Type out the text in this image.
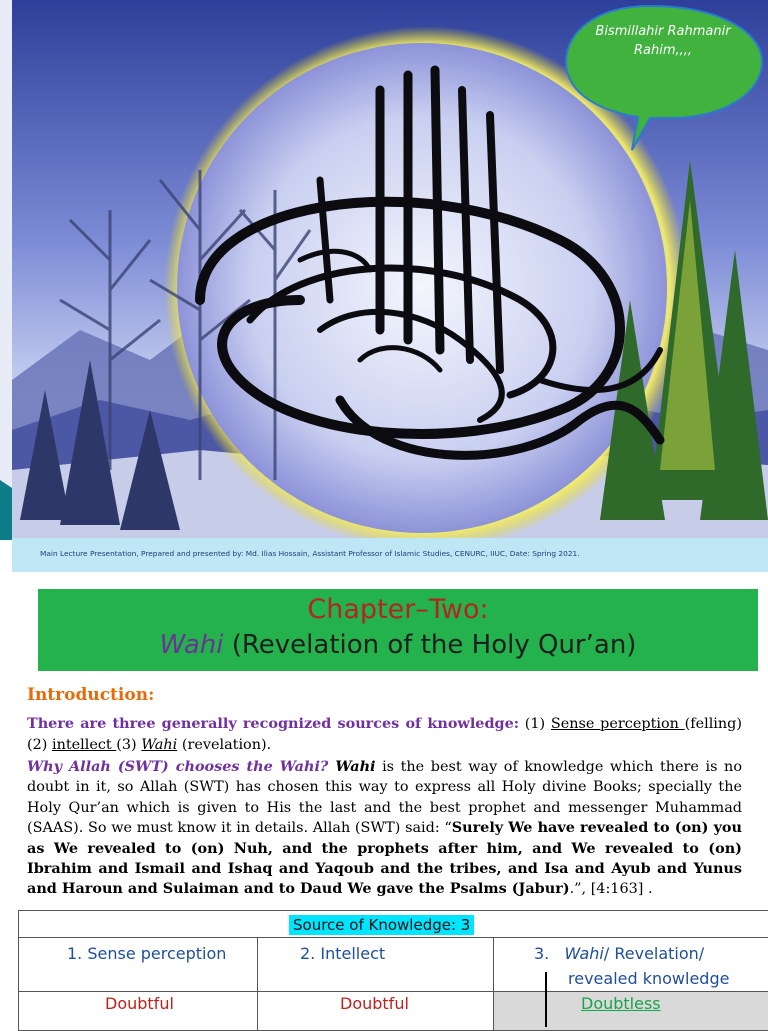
Bismillahir Rahmanir Rahim,,,,
Main Lecture Presentation, Prepared and presented by: Md. Ilias Hossain, Assistant Professor of Islamic Studies, CENURC, IIUC, Date: Spring 2021.
Chapter–Two:
Wahi (Revelation of the Holy Qur’an)
Introduction:
There are three generally recognized sources of knowledge: (1) Sense perception (felling) (2) intellect (3) Wahi (revelation).
Why Allah (SWT) chooses the Wahi? Wahi is the best way of knowledge which there is no doubt in it, so Allah (SWT) has chosen this way to express all Holy divine Books; specially the Holy Qur’an which is given to His the last and the best prophet and messenger Muhammad (SAAS). So we must know it in details. Allah (SWT) said: “Surely We have revealed to (on) you as We revealed to (on) Nuh, and the prophets after him, and We revealed to (on) Ibrahim and Ismail and Ishaq and Yaqoub and the tribes, and Isa and Ayub and Yunus and Haroun and Sulaiman and to Daud We gave the Psalms (Jabur).”, [4:163] .
Source of Knowledge: 3
1. Sense perception	2. Intellect	3. Wahi/ Revelation/
revealed knowledge
Doubtful	Doubtful	Doubtless
